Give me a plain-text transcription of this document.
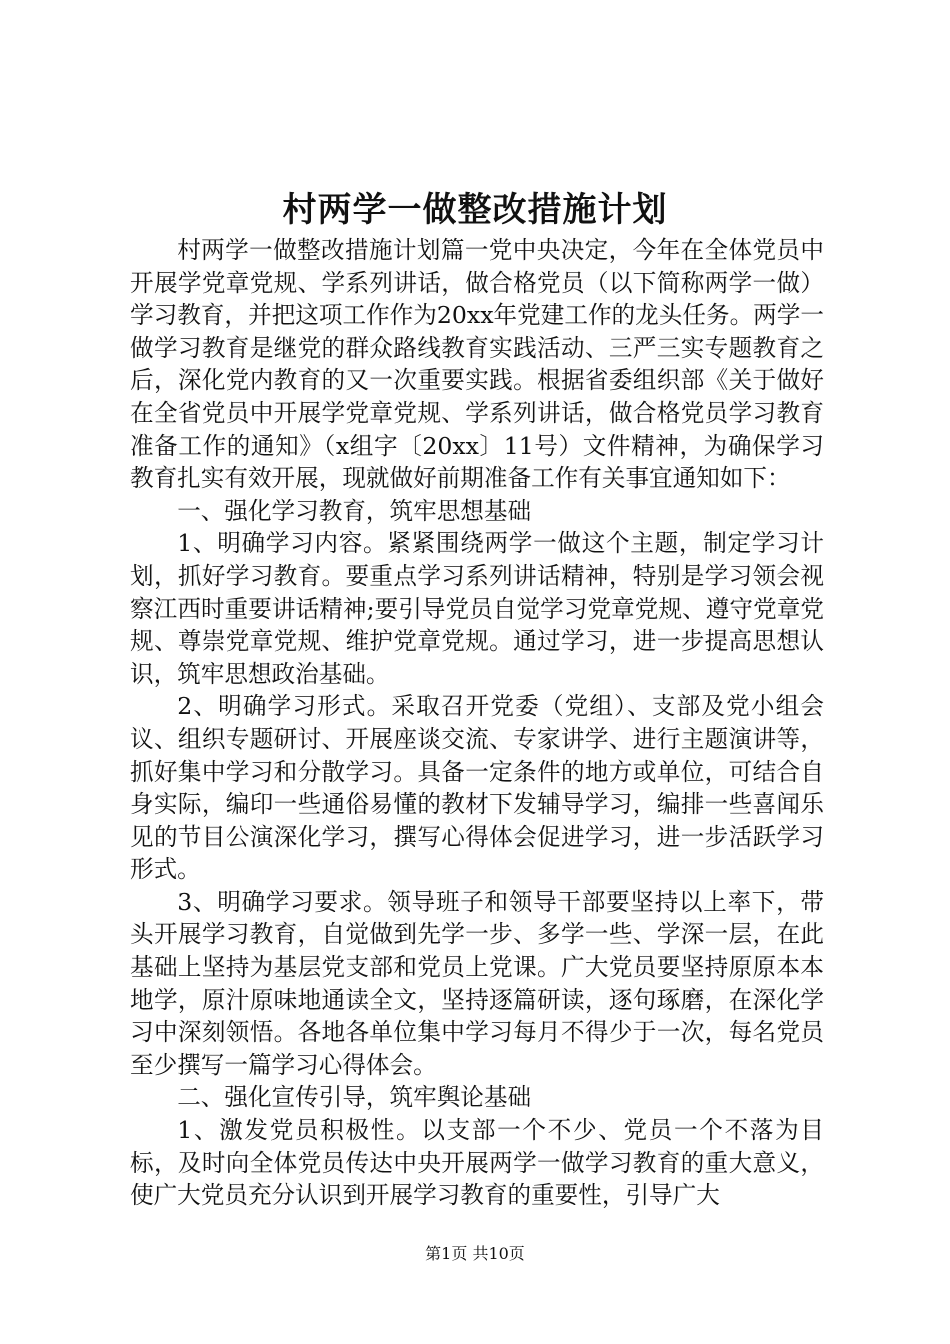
村两学一做整改措施计划

村两学一做整改措施计划篇一党中央决定，今年在全体党员中开展学党章党规、学系列讲话，做合格党员（以下简称两学一做）学习教育，并把这项工作作为20xx年党建工作的龙头任务。两学一做学习教育是继党的群众路线教育实践活动、三严三实专题教育之后，深化党内教育的又一次重要实践。根据省委组织部《关于做好在全省党员中开展学党章党规、学系列讲话，做合格党员学习教育准备工作的通知》（x组字〔20xx〕11号）文件精神，为确保学习教育扎实有效开展，现就做好前期准备工作有关事宜通知如下：

一、强化学习教育，筑牢思想基础

1、明确学习内容。紧紧围绕两学一做这个主题，制定学习计划，抓好学习教育。要重点学习系列讲话精神，特别是学习领会视察江西时重要讲话精神;要引导党员自觉学习党章党规、遵守党章党规、尊崇党章党规、维护党章党规。通过学习，进一步提高思想认识，筑牢思想政治基础。

2、明确学习形式。采取召开党委（党组）、支部及党小组会议、组织专题研讨、开展座谈交流、专家讲学、进行主题演讲等，抓好集中学习和分散学习。具备一定条件的地方或单位，可结合自身实际，编印一些通俗易懂的教材下发辅导学习，编排一些喜闻乐见的节目公演深化学习，撰写心得体会促进学习，进一步活跃学习形式。

3、明确学习要求。领导班子和领导干部要坚持以上率下，带头开展学习教育，自觉做到先学一步、多学一些、学深一层，在此基础上坚持为基层党支部和党员上党课。广大党员要坚持原原本本地学，原汁原味地通读全文，坚持逐篇研读，逐句琢磨，在深化学习中深刻领悟。各地各单位集中学习每月不得少于一次，每名党员至少撰写一篇学习心得体会。

二、强化宣传引导，筑牢舆论基础

1、激发党员积极性。以支部一个不少、党员一个不落为目标，及时向全体党员传达中央开展两学一做学习教育的重大意义，使广大党员充分认识到开展学习教育的重要性，引导广大

第1页 共10页
